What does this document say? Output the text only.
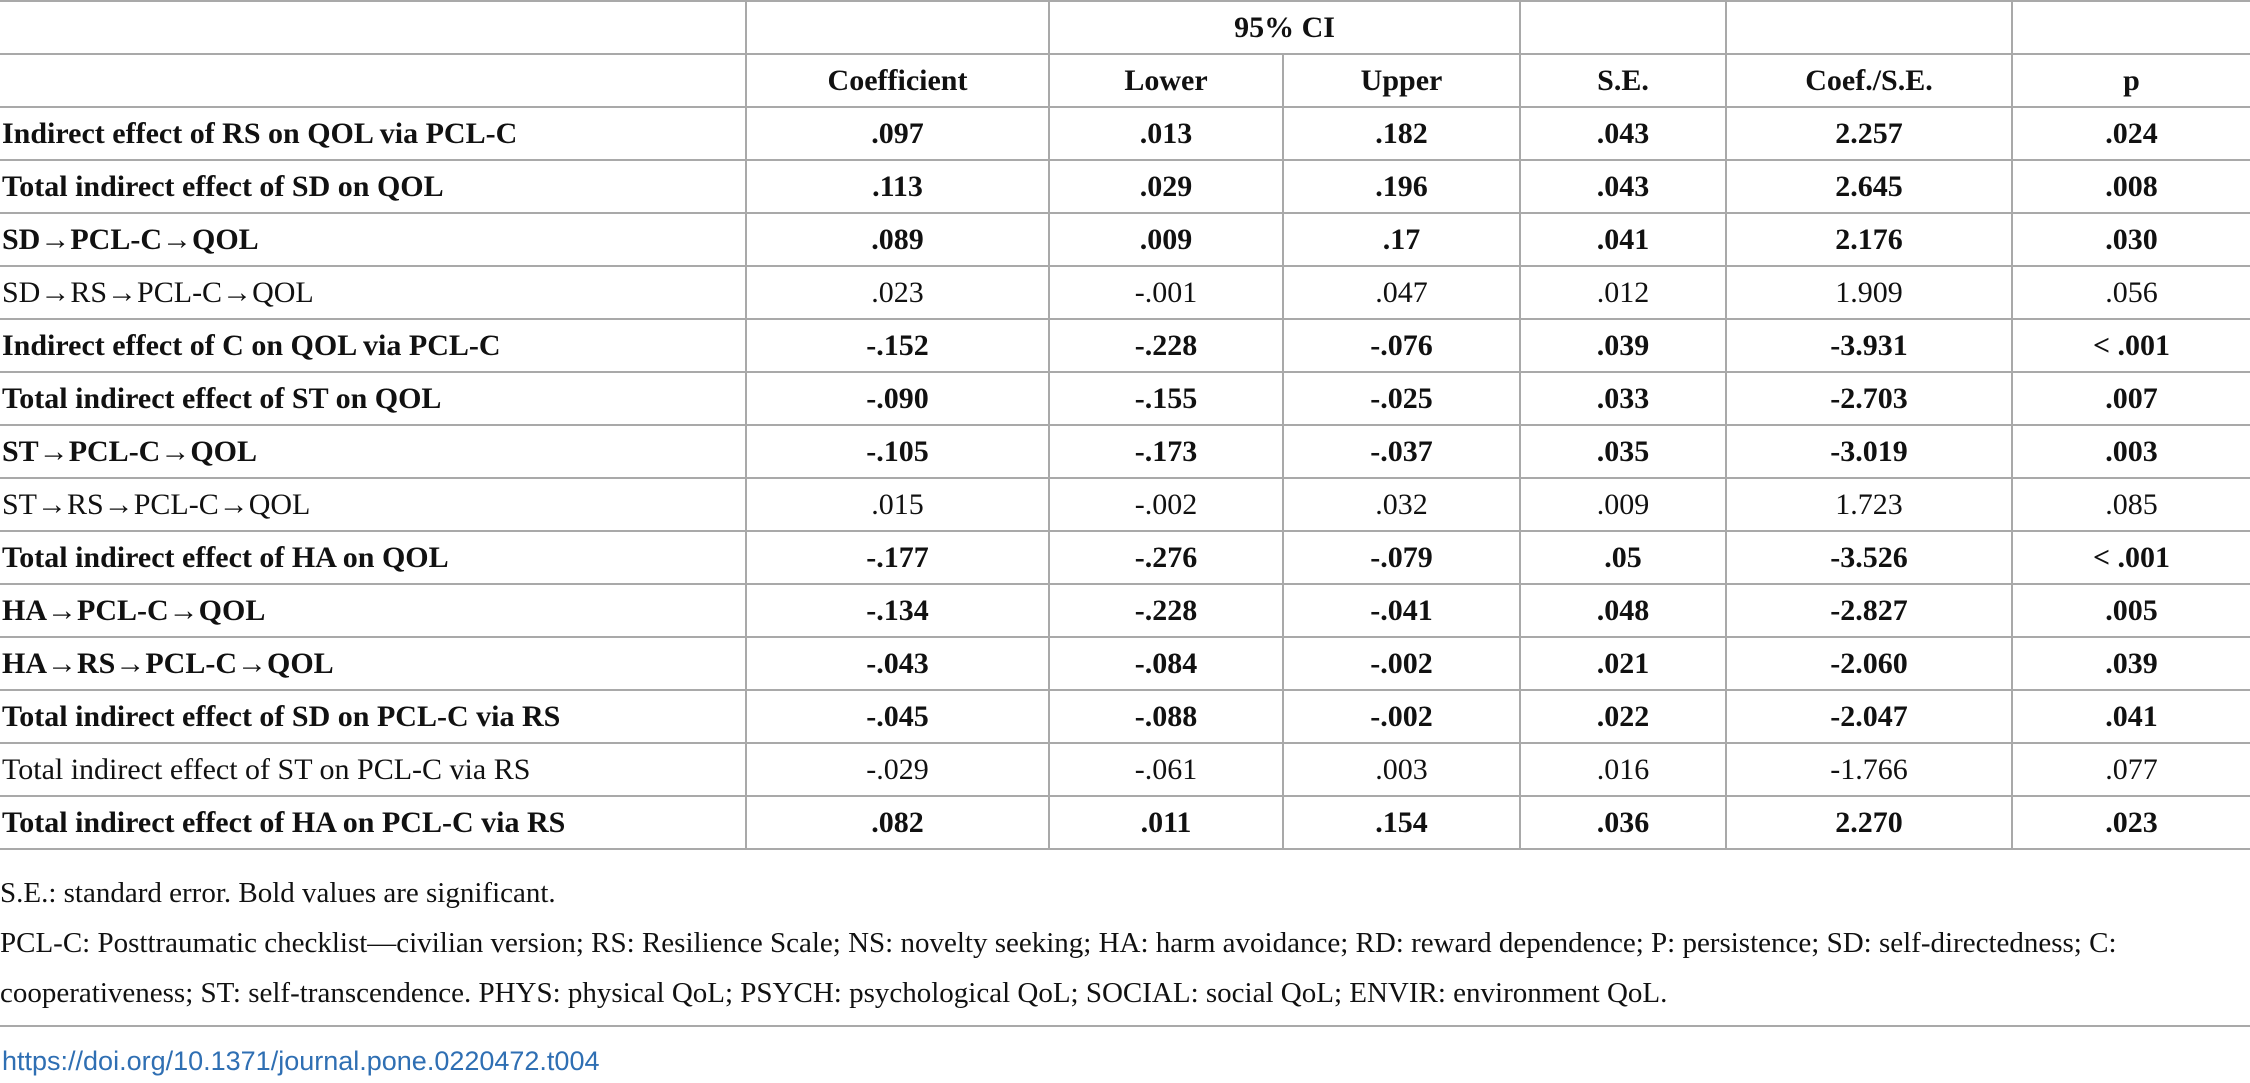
		95% CI				
	Coefficient	Lower	Upper	S.E.	Coef./S.E.	p
Indirect effect of RS on QOL via PCL-C	.097	.013	.182	.043	2.257	.024
Total indirect effect of SD on QOL	.113	.029	.196	.043	2.645	.008
SD→PCL-C→QOL	.089	.009	.17	.041	2.176	.030
SD→RS→PCL-C→QOL	.023	-.001	.047	.012	1.909	.056
Indirect effect of C on QOL via PCL-C	-.152	-.228	-.076	.039	-3.931	< .001
Total indirect effect of ST on QOL	-.090	-.155	-.025	.033	-2.703	.007
ST→PCL-C→QOL	-.105	-.173	-.037	.035	-3.019	.003
ST→RS→PCL-C→QOL	.015	-.002	.032	.009	1.723	.085
Total indirect effect of HA on QOL	-.177	-.276	-.079	.05	-3.526	< .001
HA→PCL-C→QOL	-.134	-.228	-.041	.048	-2.827	.005
HA→RS→PCL-C→QOL	-.043	-.084	-.002	.021	-2.060	.039
Total indirect effect of SD on PCL-C via RS	-.045	-.088	-.002	.022	-2.047	.041
Total indirect effect of ST on PCL-C via RS	-.029	-.061	.003	.016	-1.766	.077
Total indirect effect of HA on PCL-C via RS	.082	.011	.154	.036	2.270	.023

S.E.: standard error. Bold values are significant.

PCL-C: Posttraumatic checklist—civilian version; RS: Resilience Scale; NS: novelty seeking; HA: harm avoidance; RD: reward dependence; P: persistence; SD: self-directedness; C: cooperativeness; ST: self-transcendence. PHYS: physical QoL; PSYCH: psychological QoL; SOCIAL: social QoL; ENVIR: environment QoL.

https://doi.org/10.1371/journal.pone.0220472.t004
